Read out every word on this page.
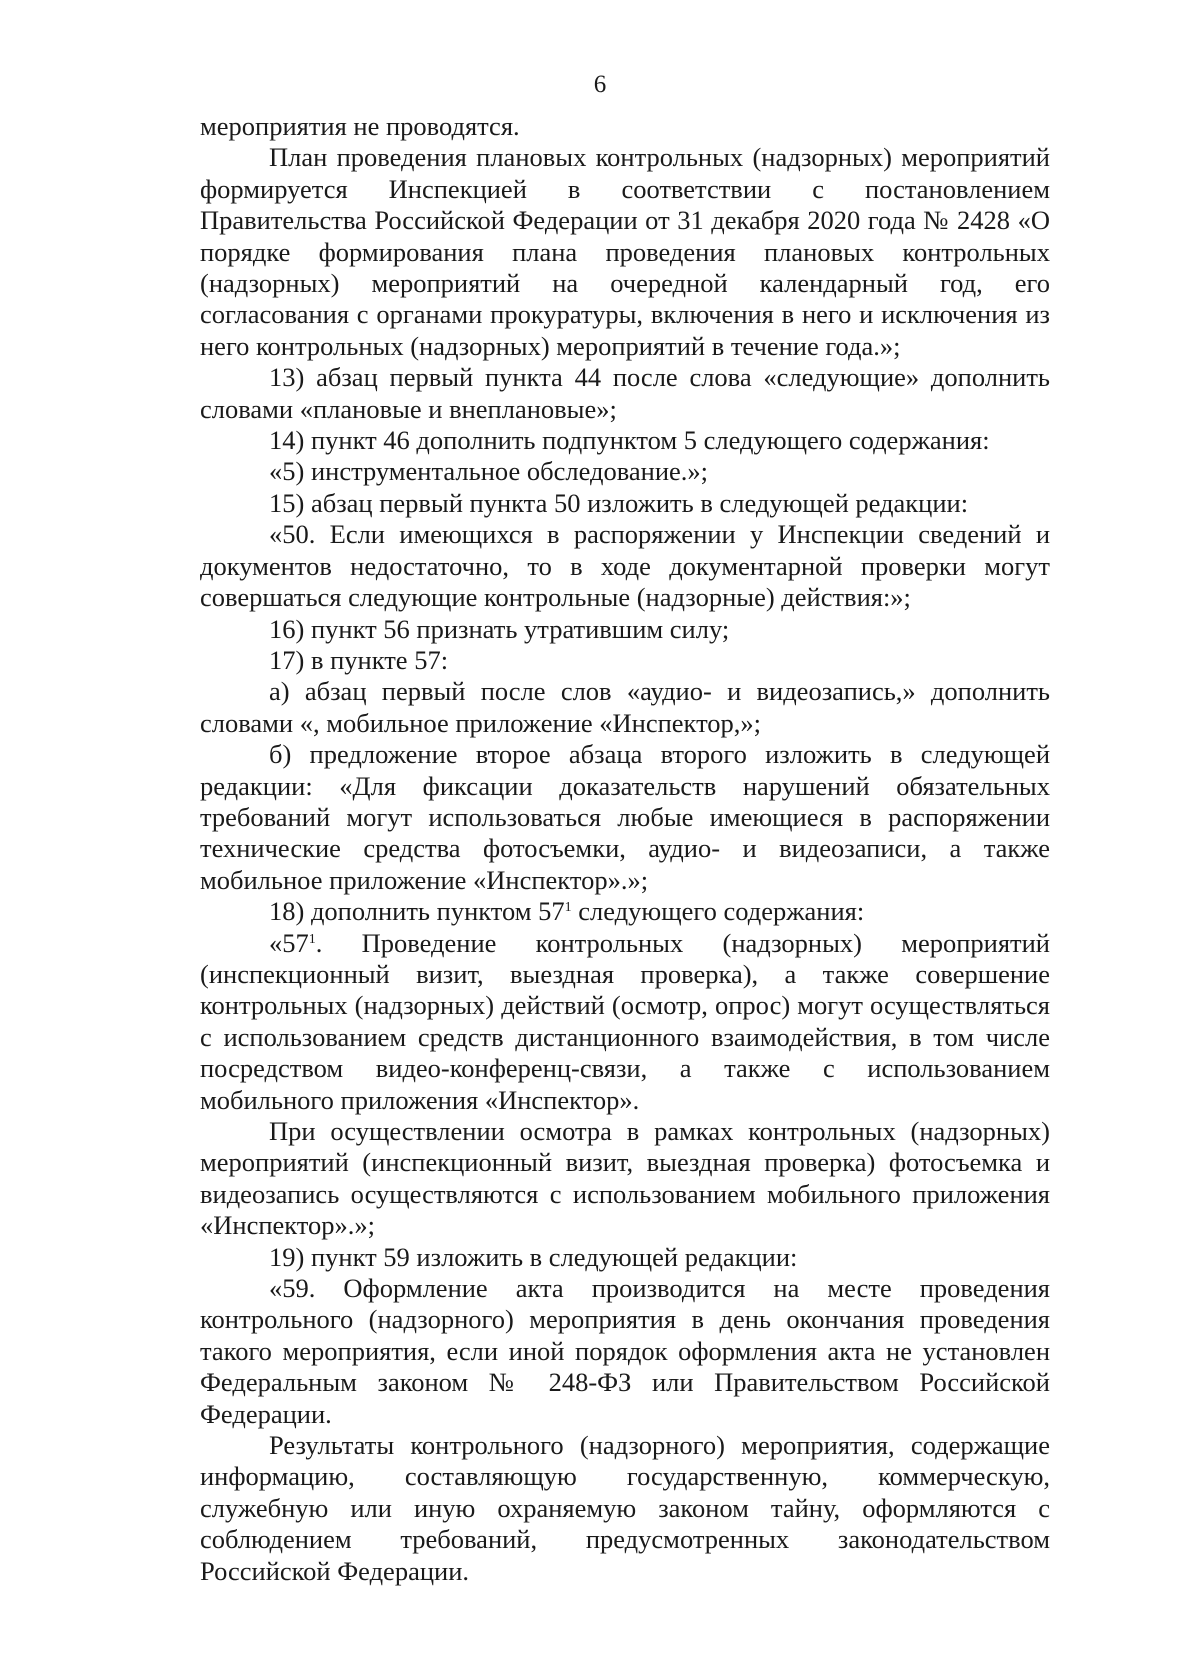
6

мероприятия не проводятся.

План проведения плановых контрольных (надзорных) мероприятий формируется Инспекцией в соответствии с постановлением Правительства Российской Федерации от 31 декабря 2020 года № 2428 «О порядке формирования плана проведения плановых контрольных (надзорных) мероприятий на очередной календарный год, его согласования с органами прокуратуры, включения в него и исключения из него контрольных (надзорных) мероприятий в течение года.»;

13) абзац первый пункта 44 после слова «следующие» дополнить словами «плановые и внеплановые»;

14) пункт 46 дополнить подпунктом 5 следующего содержания:

«5) инструментальное обследование.»;

15) абзац первый пункта 50 изложить в следующей редакции:

«50. Если имеющихся в распоряжении у Инспекции сведений и документов недостаточно, то в ходе документарной проверки могут совершаться следующие контрольные (надзорные) действия:»;

16) пункт 56 признать утратившим силу;

17) в пункте 57:

а) абзац первый после слов «аудио- и видеозапись,» дополнить словами «, мобильное приложение «Инспектор,»;

б) предложение второе абзаца второго изложить в следующей редакции: «Для фиксации доказательств нарушений обязательных требований могут использоваться любые имеющиеся в распоряжении технические средства фотосъемки, аудио- и видеозаписи, а также мобильное приложение «Инспектор».»;

18) дополнить пунктом $57^1$ следующего содержания:

«$57^1$. Проведение контрольных (надзорных) мероприятий (инспекционный визит, выездная проверка), а также совершение контрольных (надзорных) действий (осмотр, опрос) могут осуществляться с использованием средств дистанционного взаимодействия, в том числе посредством видео-конференц-связи, а также с использованием мобильного приложения «Инспектор».

При осуществлении осмотра в рамках контрольных (надзорных) мероприятий (инспекционный визит, выездная проверка) фотосъемка и видеозапись осуществляются с использованием мобильного приложения «Инспектор».»;

19) пункт 59 изложить в следующей редакции:

«59. Оформление акта производится на месте проведения контрольного (надзорного) мероприятия в день окончания проведения такого мероприятия, если иной порядок оформления акта не установлен Федеральным законом № 248-ФЗ или Правительством Российской Федерации.

Результаты контрольного (надзорного) мероприятия, содержащие информацию, составляющую государственную, коммерческую, служебную или иную охраняемую законом тайну, оформляются с соблюдением требований, предусмотренных законодательством Российской Федерации.
